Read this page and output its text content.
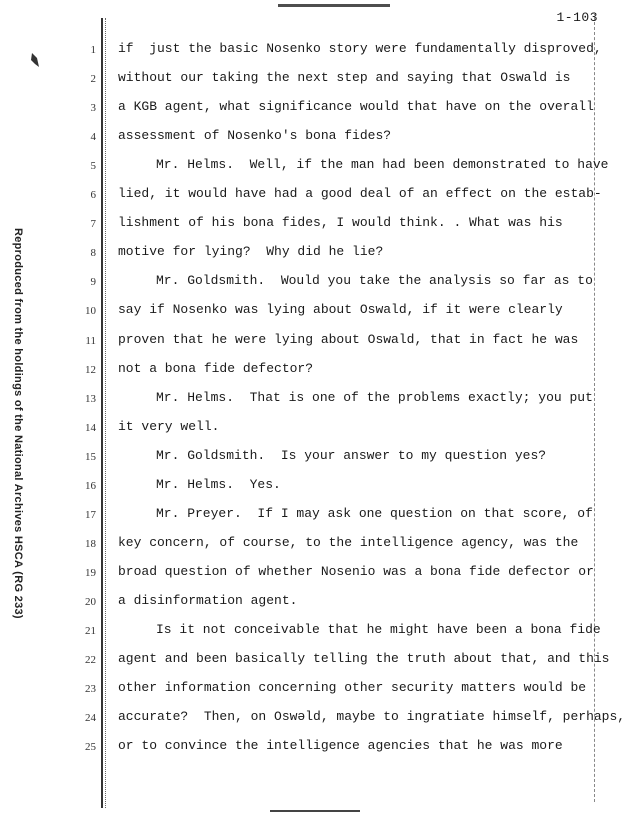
1-103
Reproduced from the holdings of the National Archives HSCA (RG 233)
1
2
3
4
5
6
7
8
9
10
11
12
13
14
15
16
17
18
19
20
21
22
23
24
25
if  just the basic Nosenko story were fundamentally disproved,
without our taking the next step and saying that Oswald is
a KGB agent, what significance would that have on the overall
assessment of Nosenko's bona fides?
Mr. Helms.  Well, if the man had been demonstrated to have
lied, it would have had a good deal of an effect on the estab-
lishment of his bona fides, I would think. . What was his
motive for lying?  Why did he lie?
Mr. Goldsmith.  Would you take the analysis so far as to
say if Nosenko was lying about Oswald, if it were clearly
proven that he were lying about Oswald, that in fact he was
not a bona fide defector?
Mr. Helms.  That is one of the problems exactly; you put
it very well.
Mr. Goldsmith.  Is your answer to my question yes?
Mr. Helms.  Yes.
Mr. Preyer.  If I may ask one question on that score, of
key concern, of course, to the intelligence agency, was the
broad question of whether Nosenio was a bona fide defector or
a disinformation agent.
Is it not conceivable that he might have been a bona fide
agent and been basically telling the truth about that, and this
other information concerning other security matters would be
accurate?  Then, on Oswəld, maybe to ingratiate himself, perhaps,
or to convince the intelligence agencies that he was more
